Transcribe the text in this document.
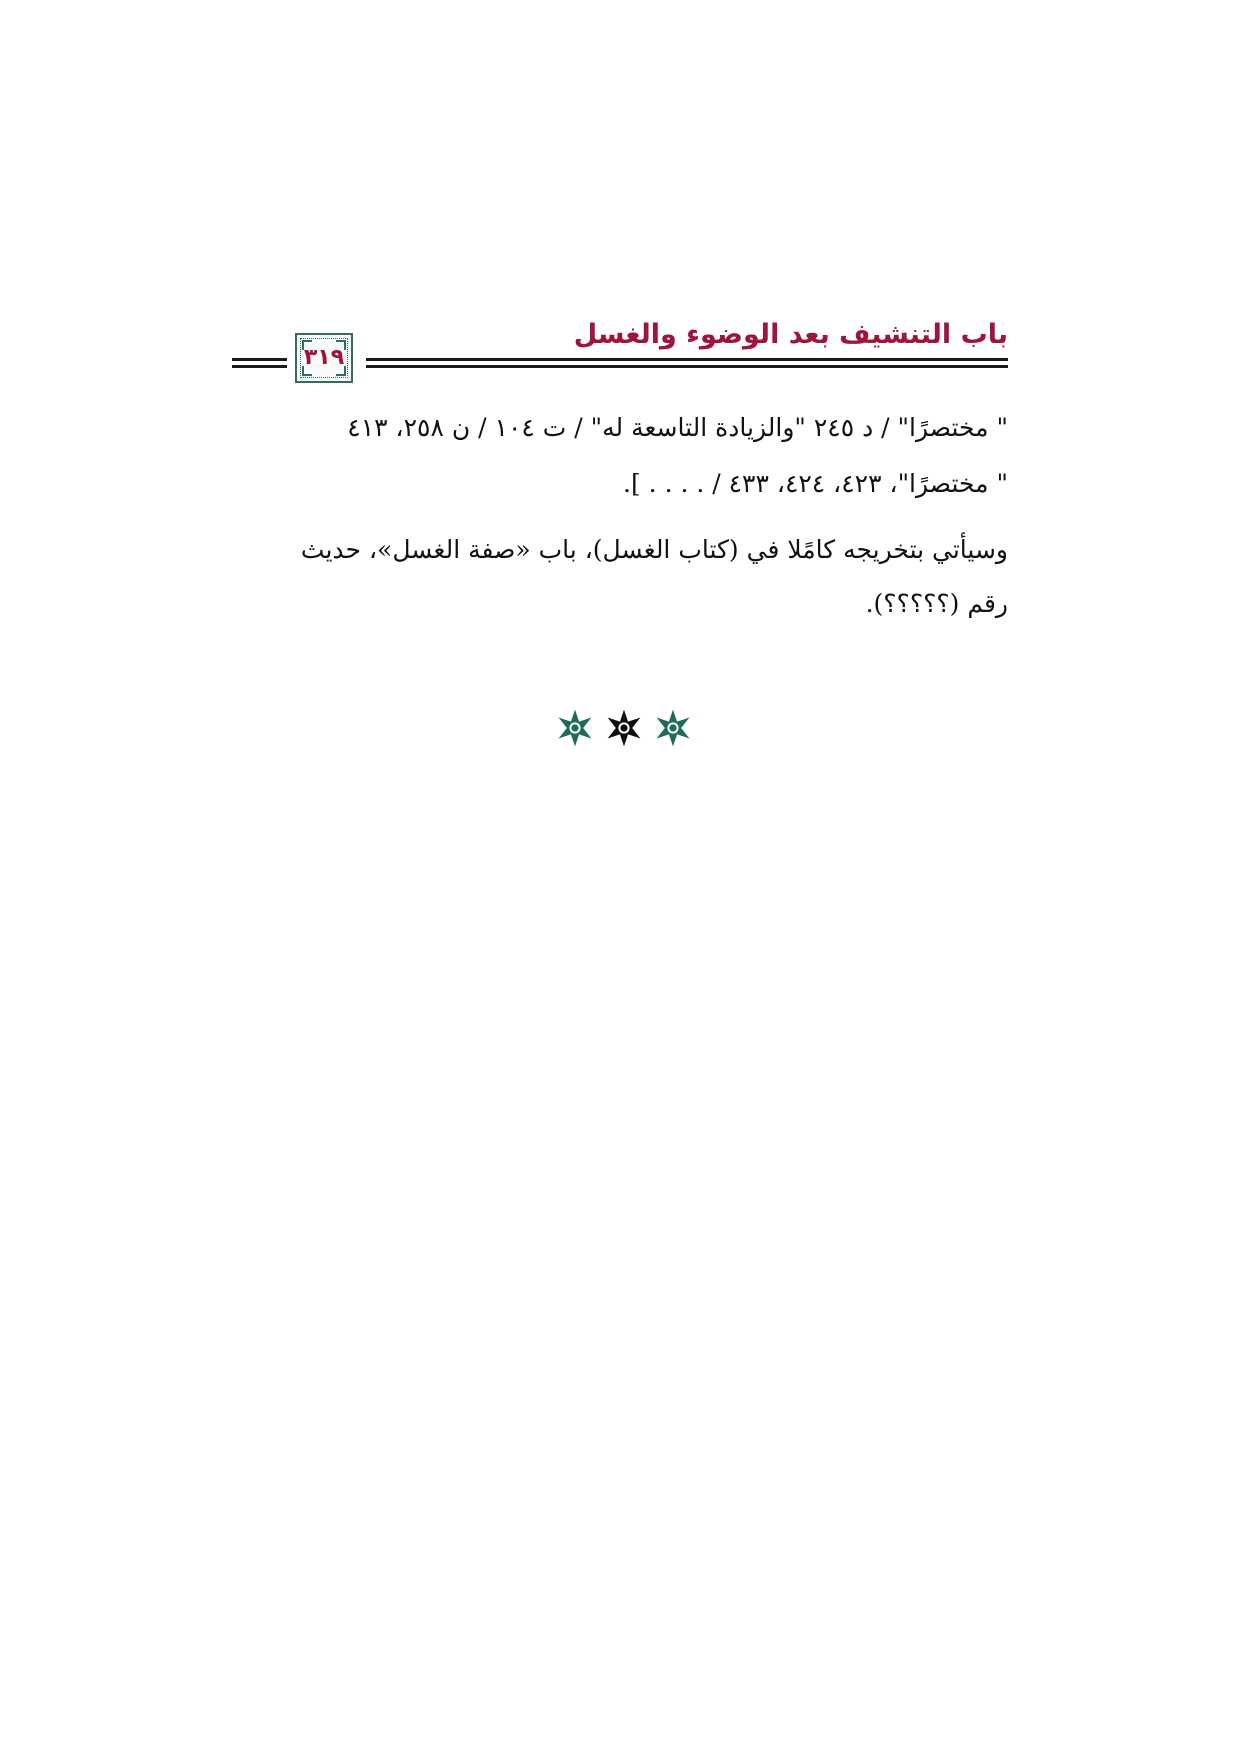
باب التنشيف بعد الوضوء والغسل
٣١٩
" مختصرًا" / د ٢٤٥ "والزيادة التاسعة له" / ت ١٠٤ / ن ٢٥٨، ٤١٣
" مختصرًا"، ٤٢٣، ٤٢٤، ٤٣٣ / . . . . ].
وسيأتي بتخريجه كامًلا في (كتاب الغسل)، باب «صفة الغسل»، حديث
رقم (؟؟؟؟؟).
